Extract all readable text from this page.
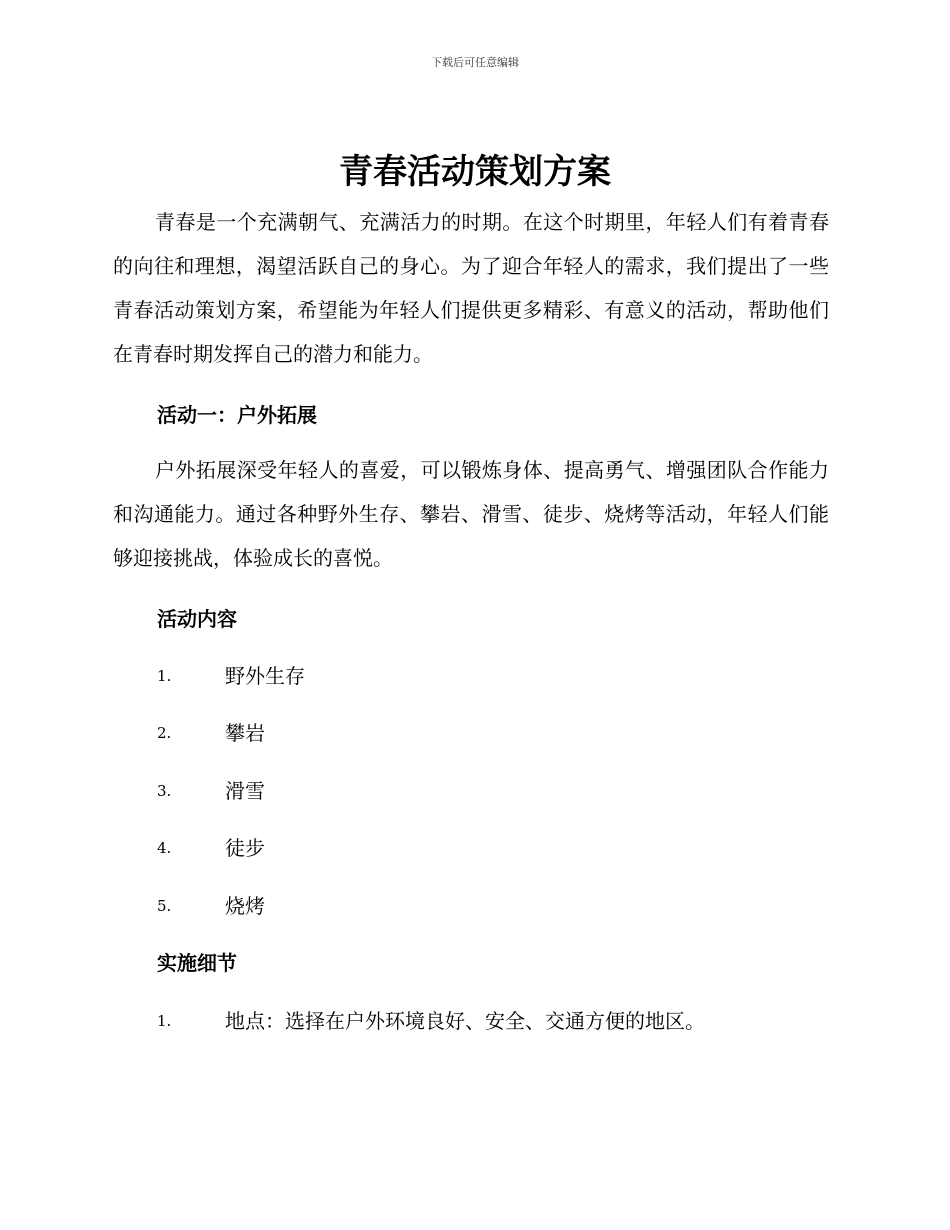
下载后可任意编辑
青春活动策划方案

青春是一个充满朝气、充满活力的时期。在这个时期里，年轻人们有着青春的向往和理想，渴望活跃自己的身心。为了迎合年轻人的需求，我们提出了一些青春活动策划方案，希望能为年轻人们提供更多精彩、有意义的活动，帮助他们在青春时期发挥自己的潜力和能力。

活动一：户外拓展

户外拓展深受年轻人的喜爱，可以锻炼身体、提高勇气、增强团队合作能力和沟通能力。通过各种野外生存、攀岩、滑雪、徒步、烧烤等活动，年轻人们能够迎接挑战，体验成长的喜悦。

活动内容
1.	野外生存
2.	攀岩
3.	滑雪
4.	徒步
5.	烧烤
实施细节
1.	地点：选择在户外环境良好、安全、交通方便的地区。
